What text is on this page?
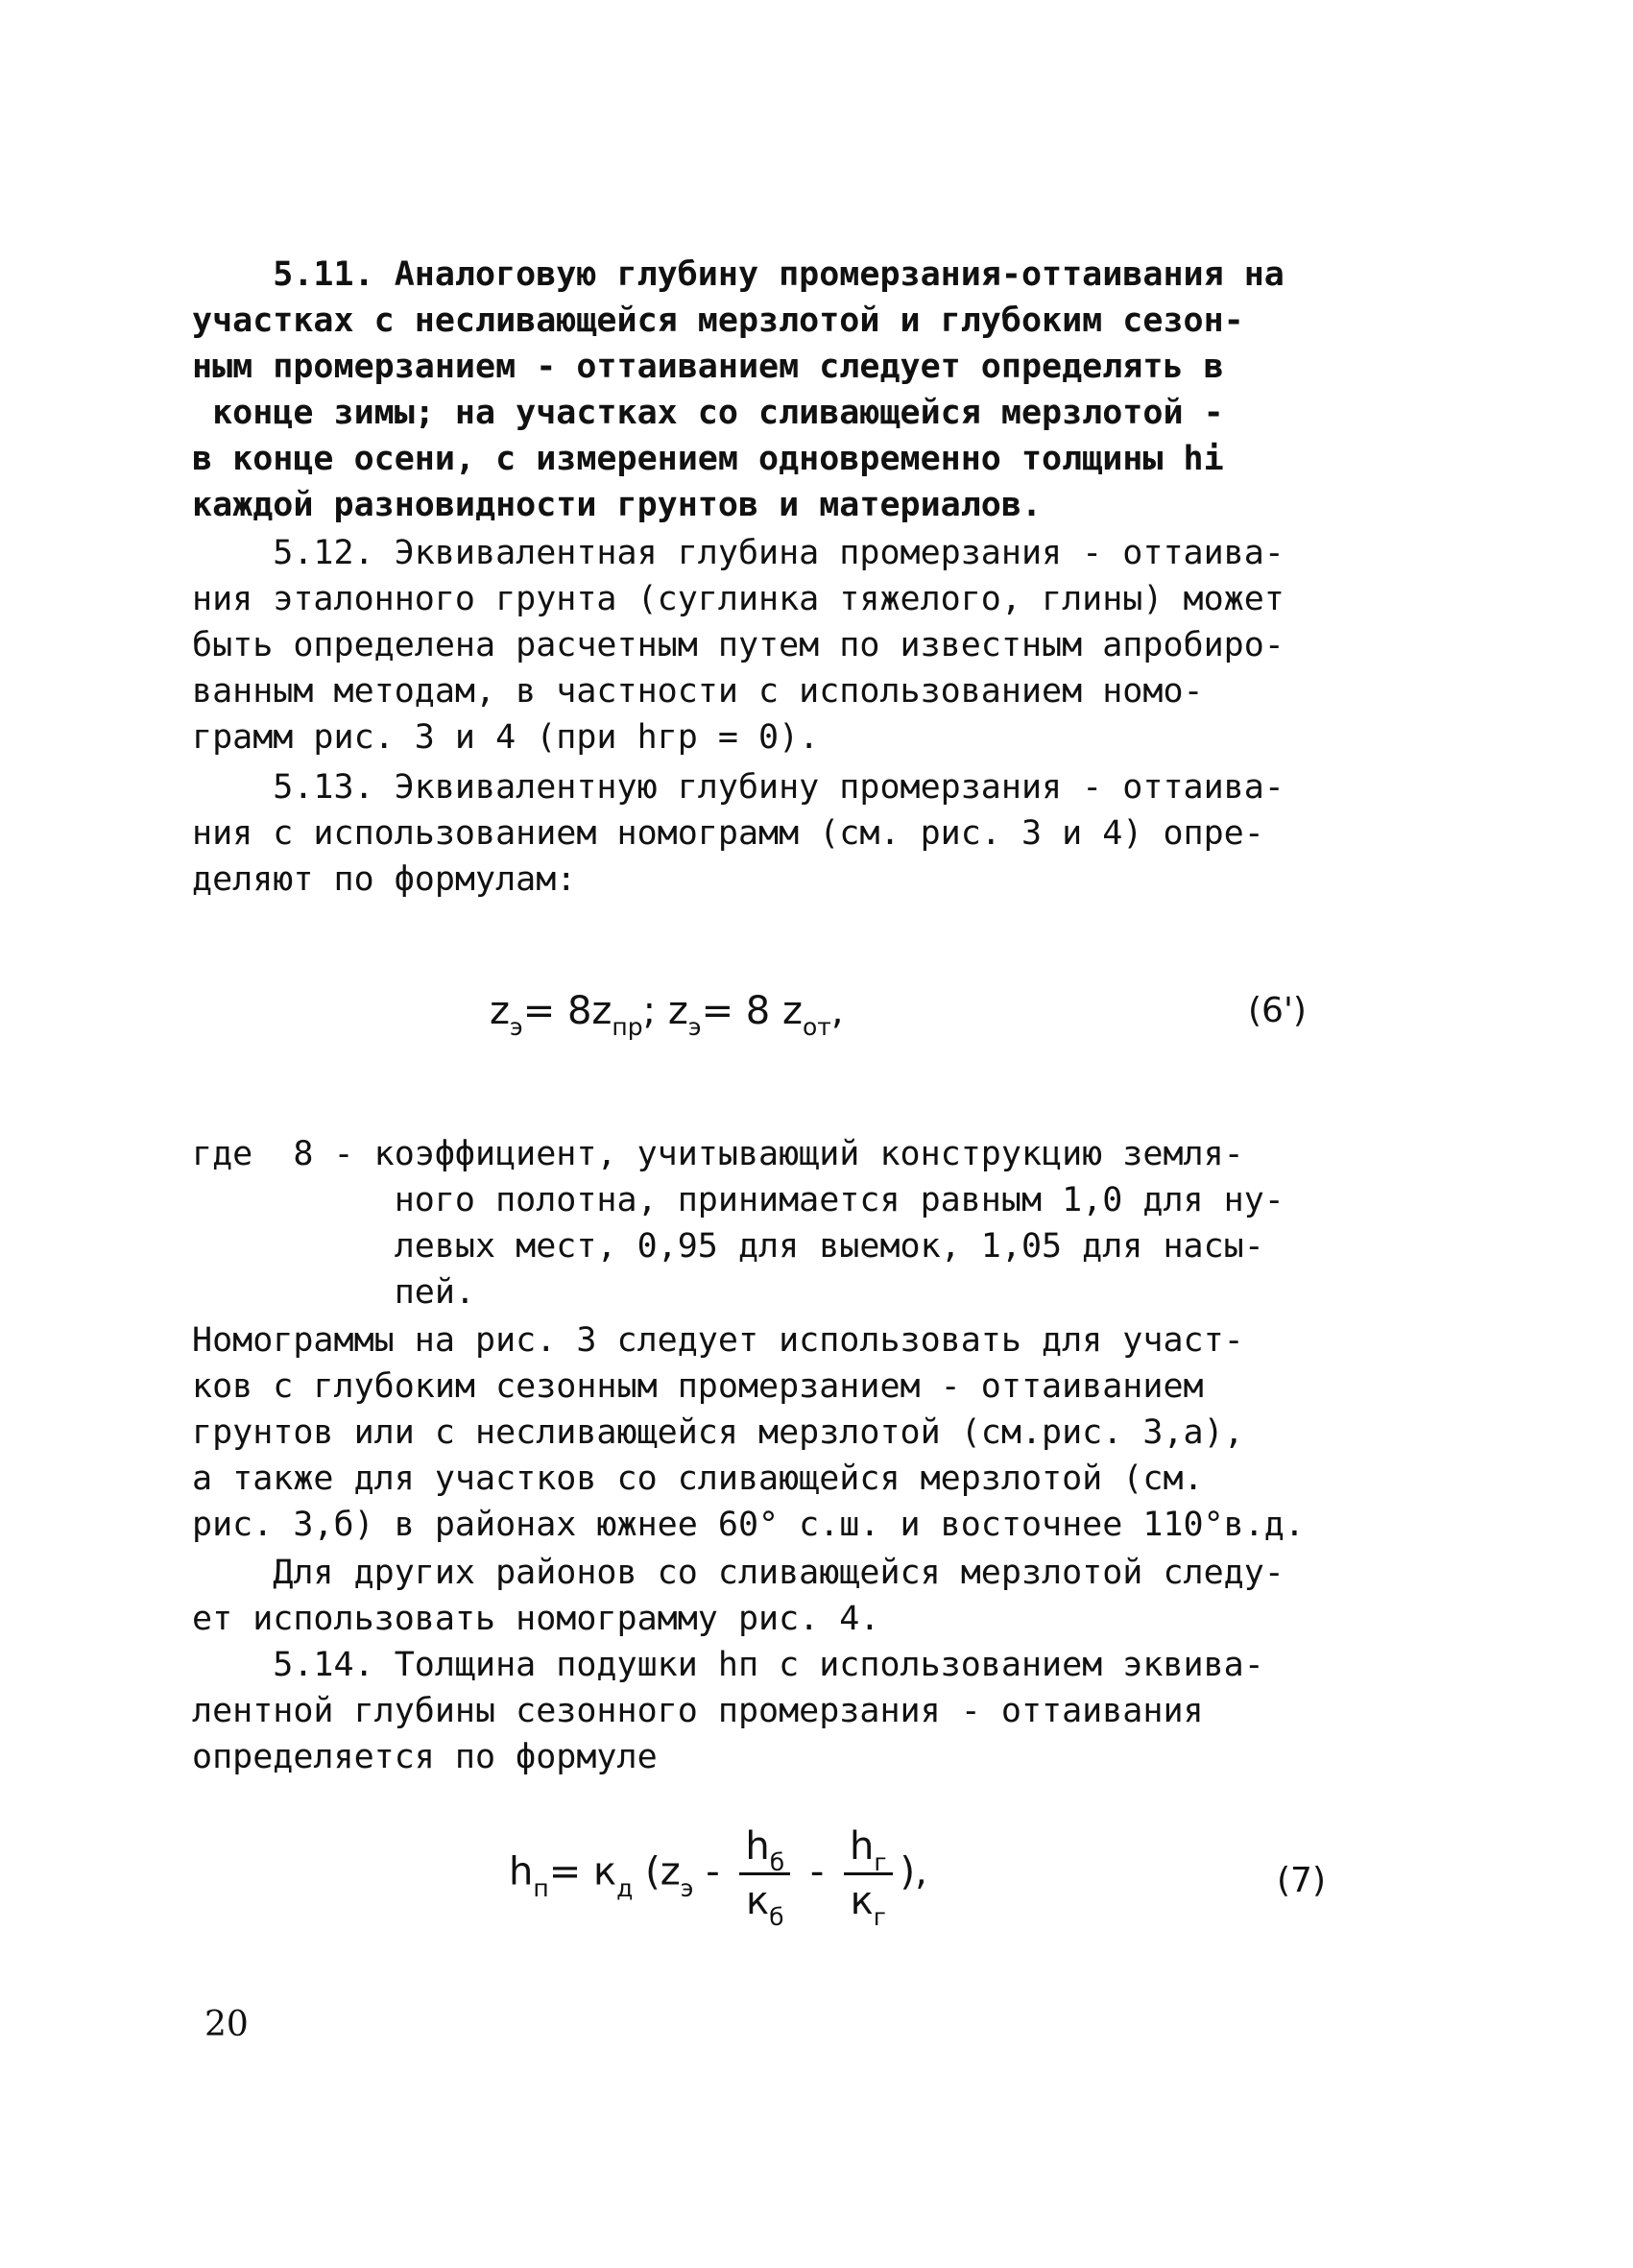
5.11. Аналоговую глубину промерзания-оттаивания на
участках с несливающейся мерзлотой и глубоким сезон-
ным промерзанием - оттаиванием следует определять в
конце зимы; на участках со сливающейся мерзлотой -
в конце осени, с измерением одновременно толщины hi
каждой разновидности грунтов и материалов.
5.12. Эквивалентная глубина промерзания - оттаива-
ния эталонного грунта (суглинка тяжелого, глины) может
быть определена расчетным путем по известным апробиро-
ванным методам, в частности с использованием номо-
грамм рис. 3 и 4 (при hгр = 0).
5.13. Эквивалентную глубину промерзания - оттаива-
ния с использованием номограмм (см. рис. 3 и 4) опре-
деляют по формулам:
$z_э= 8z_{пр}$; $z_э= 8$ $z_{от}$,	(6')
где  8 - коэффициент, учитывающий конструкцию земля-
ного полотна, принимается равным 1,0 для ну-
левых мест, 0,95 для выемок, 1,05 для насы-
пей.
Номограммы на рис. 3 следует использовать для участ-
ков с глубоким сезонным промерзанием - оттаиванием
грунтов или с несливающейся мерзлотой (см.рис. 3,а),
а также для участков со сливающейся мерзлотой (см.
рис. 3,б) в районах южнее 60° с.ш. и восточнее 110°в.д.
Для других районов со сливающейся мерзлотой следу-
ет использовать номограмму рис. 4.
5.14. Толщина подушки hп с использованием эквива-
лентной глубины сезонного промерзания - оттаивания
определяется по формуле
$h_п= к_д$ ($z_э - \frac{h_б}{к_б} - \frac{h_г}{к_г}$ ),	(7)
20
